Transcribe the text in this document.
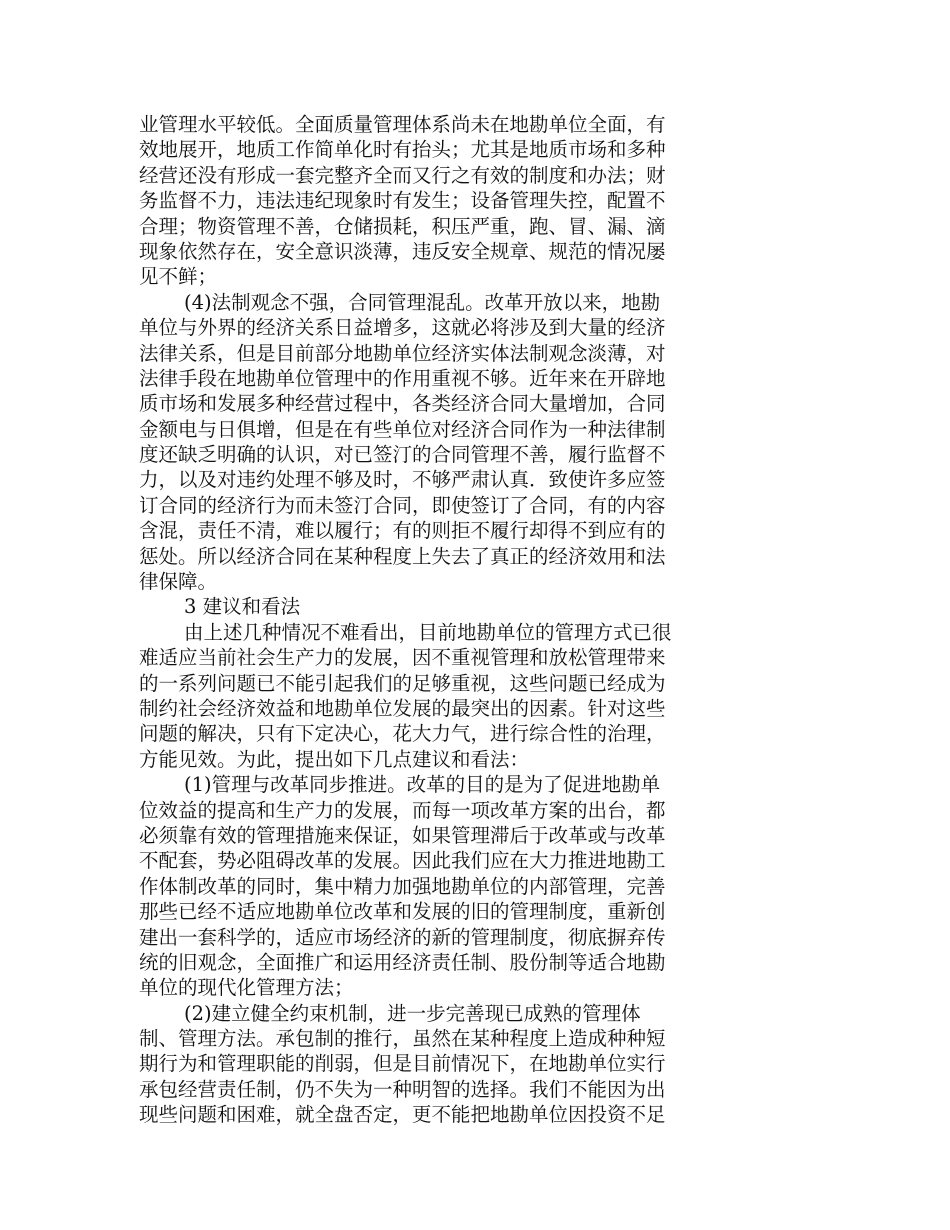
业管理水平较低。全面质量管理体系尚未在地勘单位全面，有
效地展开，地质工作简单化时有抬头；尤其是地质市场和多种
经营还没有形成一套完整齐全而又行之有效的制度和办法；财
务监督不力，违法违纪现象时有发生；设备管理失控，配置不
合理；物资管理不善，仓储损耗，积压严重，跑、冒、漏、滴
现象依然存在，安全意识淡薄，违反安全规章、规范的情况屡
见不鲜；
(4)法制观念不强，合同管理混乱。改革开放以来，地勘
单位与外界的经济关系日益增多，这就必将涉及到大量的经济
法律关系，但是目前部分地勘单位经济实体法制观念淡薄，对
法律手段在地勘单位管理中的作用重视不够。近年来在开辟地
质市场和发展多种经营过程中，各类经济合同大量增加，合同
金额电与日俱增，但是在有些单位对经济合同作为一种法律制
度还缺乏明确的认识，对已签汀的合同管理不善，履行监督不
力，以及对违约处理不够及时，不够严肃认真．致使许多应签
订合同的经济行为而未签汀合同，即使签订了合同，有的内容
含混，责任不清，难以履行；有的则拒不履行却得不到应有的
惩处。所以经济合同在某种程度上失去了真正的经济效用和法
律保障。
3 建议和看法
由上述几种情况不难看出，目前地勘单位的管理方式已很
难适应当前社会生产力的发展，因不重视管理和放松管理带来
的一系列问题已不能引起我们的足够重视，这些问题已经成为
制约社会经济效益和地勘单位发展的最突出的因素。针对这些
问题的解决，只有下定决心，花大力气，进行综合性的治理，
方能见效。为此，提出如下几点建议和看法：
(1)管理与改革同步推进。改革的目的是为了促进地勘单
位效益的提高和生产力的发展，而每一项改革方案的出台，都
必须靠有效的管理措施来保证，如果管理滞后于改革或与改革
不配套，势必阻碍改革的发展。因此我们应在大力推进地勘工
作体制改革的同时，集中精力加强地勘单位的内部管理，完善
那些已经不适应地勘单位改革和发展的旧的管理制度，重新创
建出一套科学的，适应市场经济的新的管理制度，彻底摒弃传
统的旧观念，全面推广和运用经济责任制、股份制等适合地勘
单位的现代化管理方法；
(2)建立健全约束机制，进一步完善现已成熟的管理体
制、管理方法。承包制的推行，虽然在某种程度上造成种种短
期行为和管理职能的削弱，但是目前情况下，在地勘单位实行
承包经营责任制，仍不失为一种明智的选择。我们不能因为出
现些问题和困难，就全盘否定，更不能把地勘单位因投资不足
